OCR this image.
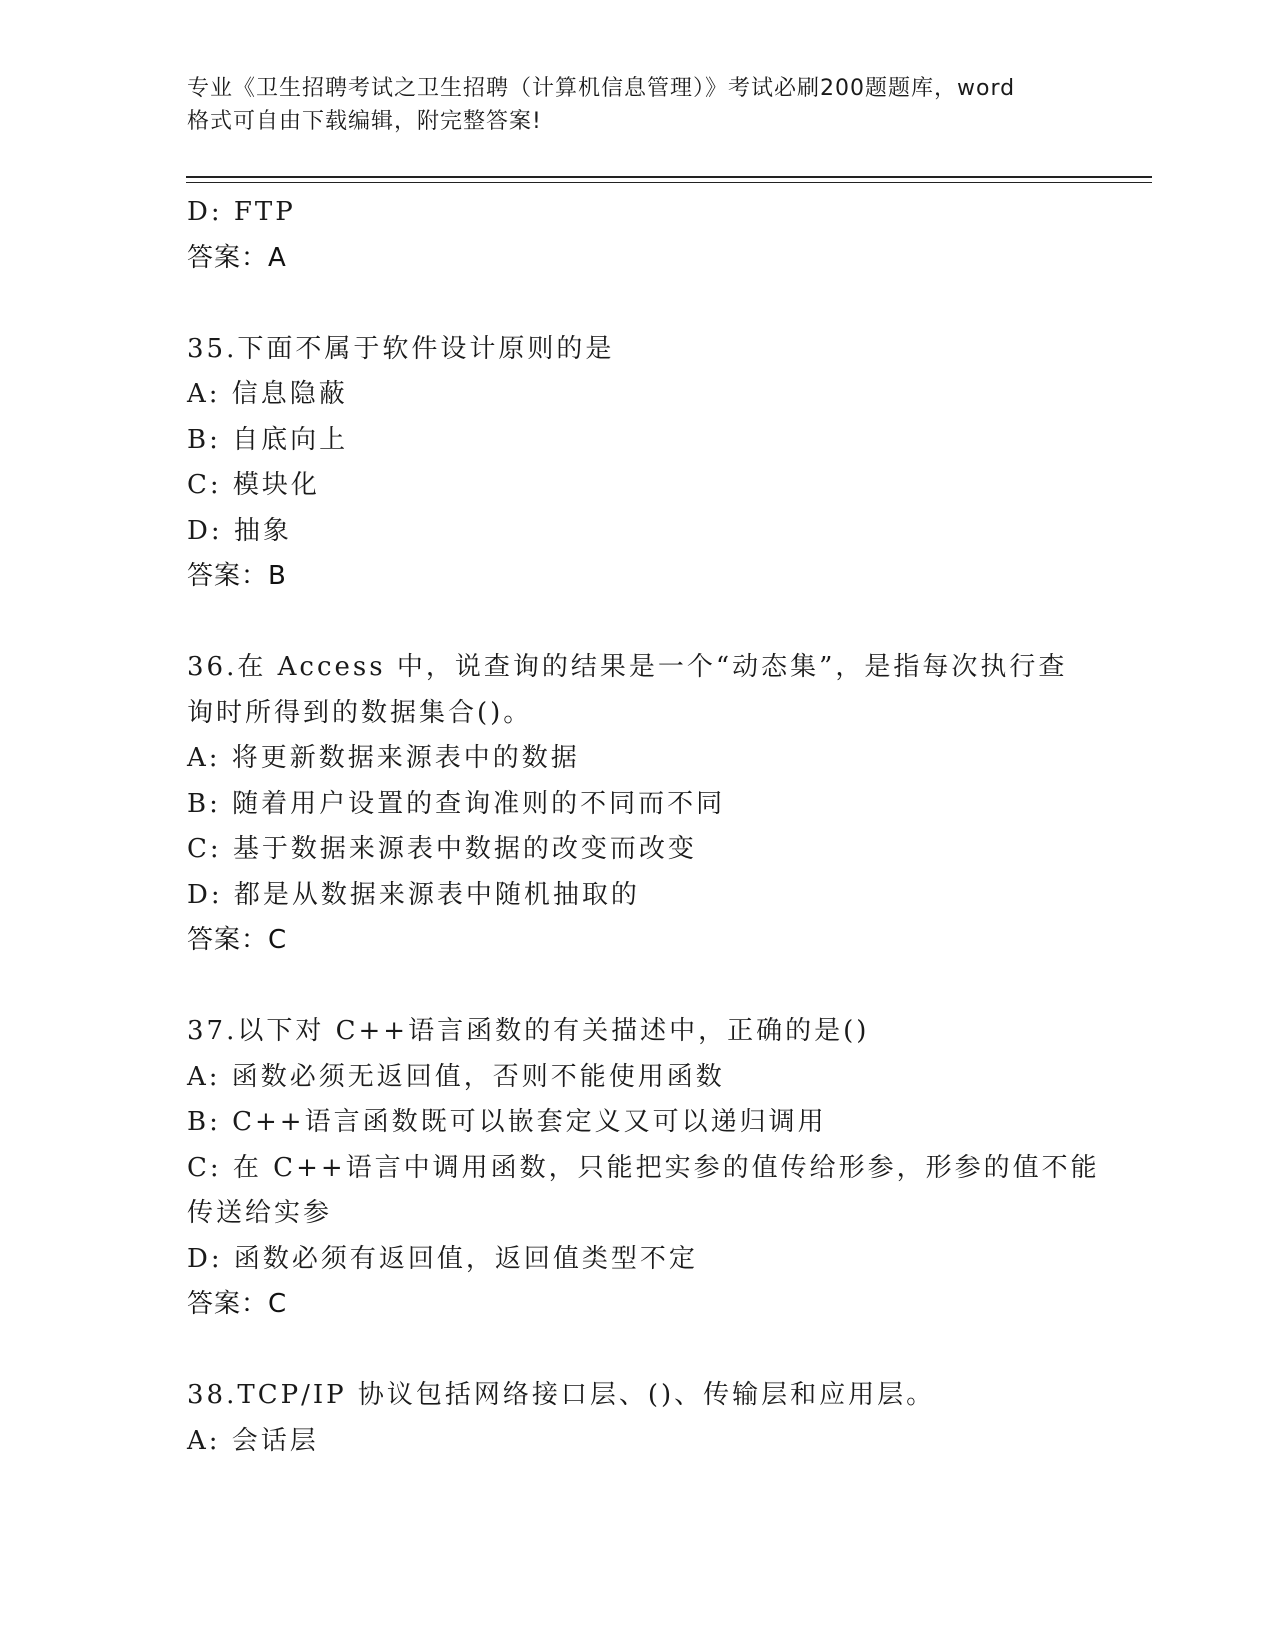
专业《卫生招聘考试之卫生招聘（计算机信息管理）》考试必刷200题题库，word
格式可自由下载编辑，附完整答案!
D: FTP
答案：A
35.下面不属于软件设计原则的是
A: 信息隐蔽
B: 自底向上
C: 模块化
D: 抽象
答案：B
36.在 Access 中，说查询的结果是一个“动态集”，是指每次执行查
询时所得到的数据集合()。
A: 将更新数据来源表中的数据
B: 随着用户设置的查询准则的不同而不同
C: 基于数据来源表中数据的改变而改变
D: 都是从数据来源表中随机抽取的
答案：C
37.以下对 C++语言函数的有关描述中，正确的是()
A: 函数必须无返回值，否则不能使用函数
B: C++语言函数既可以嵌套定义又可以递归调用
C: 在 C++语言中调用函数，只能把实参的值传给形参，形参的值不能
传送给实参
D: 函数必须有返回值，返回值类型不定
答案：C
38.TCP/IP 协议包括网络接口层、()、传输层和应用层。
A: 会话层
